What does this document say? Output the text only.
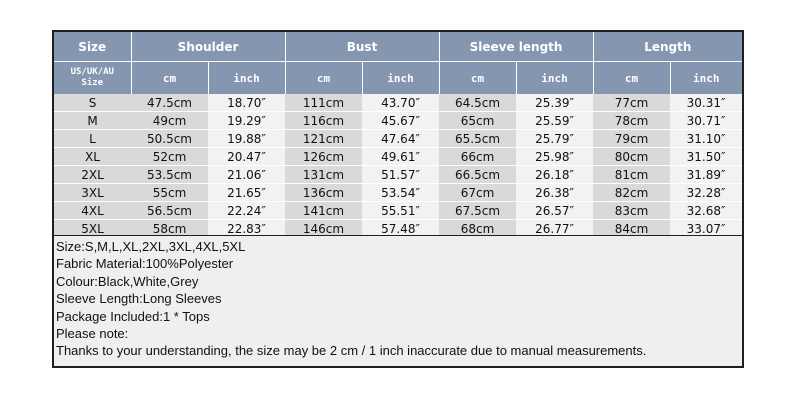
Size	Shoulder		Bust		Sleeve length		Length	

US/UK/AU
Size	cm	inch	cm	inch	cm	inch	cm	inch
S	47.5cm	18.70″	111cm	43.70″	64.5cm	25.39″	77cm	30.31″
M	49cm	19.29″	116cm	45.67″	65cm	25.59″	78cm	30.71″
L	50.5cm	19.88″	121cm	47.64″	65.5cm	25.79″	79cm	31.10″
XL	52cm	20.47″	126cm	49.61″	66cm	25.98″	80cm	31.50″
2XL	53.5cm	21.06″	131cm	51.57″	66.5cm	26.18″	81cm	31.89″
3XL	55cm	21.65″	136cm	53.54″	67cm	26.38″	82cm	32.28″
4XL	56.5cm	22.24″	141cm	55.51″	67.5cm	26.57″	83cm	32.68″
5XL	58cm	22.83″	146cm	57.48″	68cm	26.77″	84cm	33.07″
Size:S,M,L,XL,2XL,3XL,4XL,5XL
Fabric Material:100%Polyester
Colour:Black,White,Grey
Sleeve Length:Long Sleeves
Package Included:1 * Tops
Please note:
Thanks to your understanding, the size may be 2 cm / 1 inch inaccurate due to manual measurements.
